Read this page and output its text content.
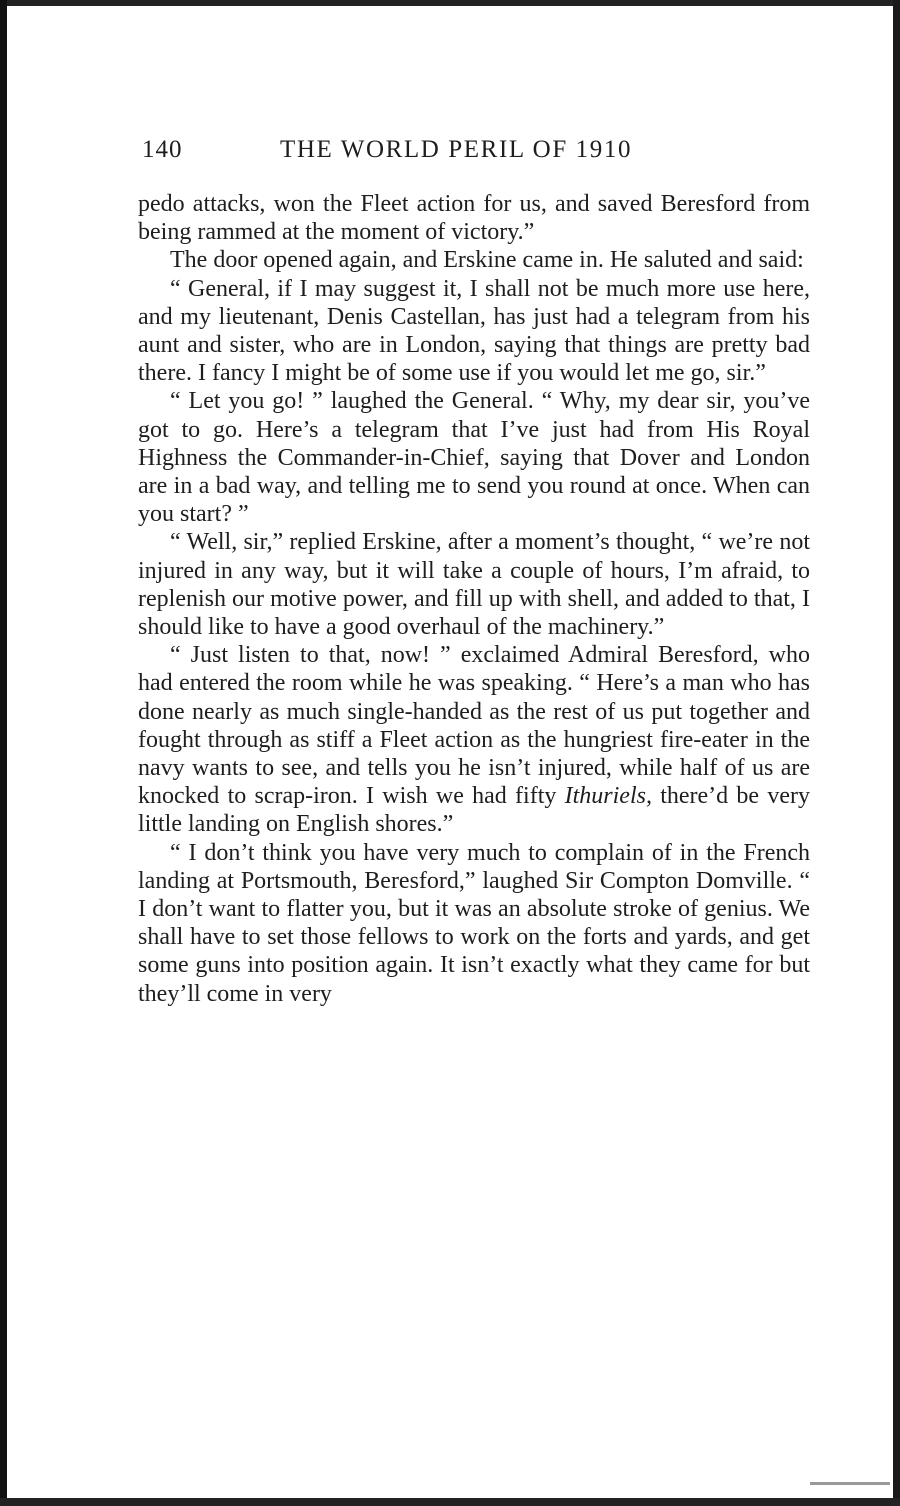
140	THE WORLD PERIL OF 1910

pedo attacks, won the Fleet action for us, and saved Beresford from being rammed at the moment of victory.”

The door opened again, and Erskine came in. He saluted and said:

“ General, if I may suggest it, I shall not be much more use here, and my lieutenant, Denis Castellan, has just had a telegram from his aunt and sister, who are in London, saying that things are pretty bad there. I fancy I might be of some use if you would let me go, sir.”

“ Let you go! ” laughed the General. “ Why, my dear sir, you’ve got to go. Here’s a telegram that I’ve just had from His Royal Highness the Commander-in-Chief, saying that Dover and London are in a bad way, and telling me to send you round at once. When can you start? ”

“ Well, sir,” replied Erskine, after a moment’s thought, “ we’re not injured in any way, but it will take a couple of hours, I’m afraid, to replenish our motive power, and fill up with shell, and added to that, I should like to have a good overhaul of the machinery.”

“ Just listen to that, now! ” exclaimed Admiral Beresford, who had entered the room while he was speaking. “ Here’s a man who has done nearly as much single-handed as the rest of us put together and fought through as stiff a Fleet action as the hungriest fire-eater in the navy wants to see, and tells you he isn’t injured, while half of us are knocked to scrap-iron. I wish we had fifty Ithuriels, there’d be very little landing on English shores.”

“ I don’t think you have very much to complain of in the French landing at Portsmouth, Beresford,” laughed Sir Compton Domville. “ I don’t want to flatter you, but it was an absolute stroke of genius. We shall have to set those fellows to work on the forts and yards, and get some guns into position again. It isn’t exactly what they came for but they’ll come in very
